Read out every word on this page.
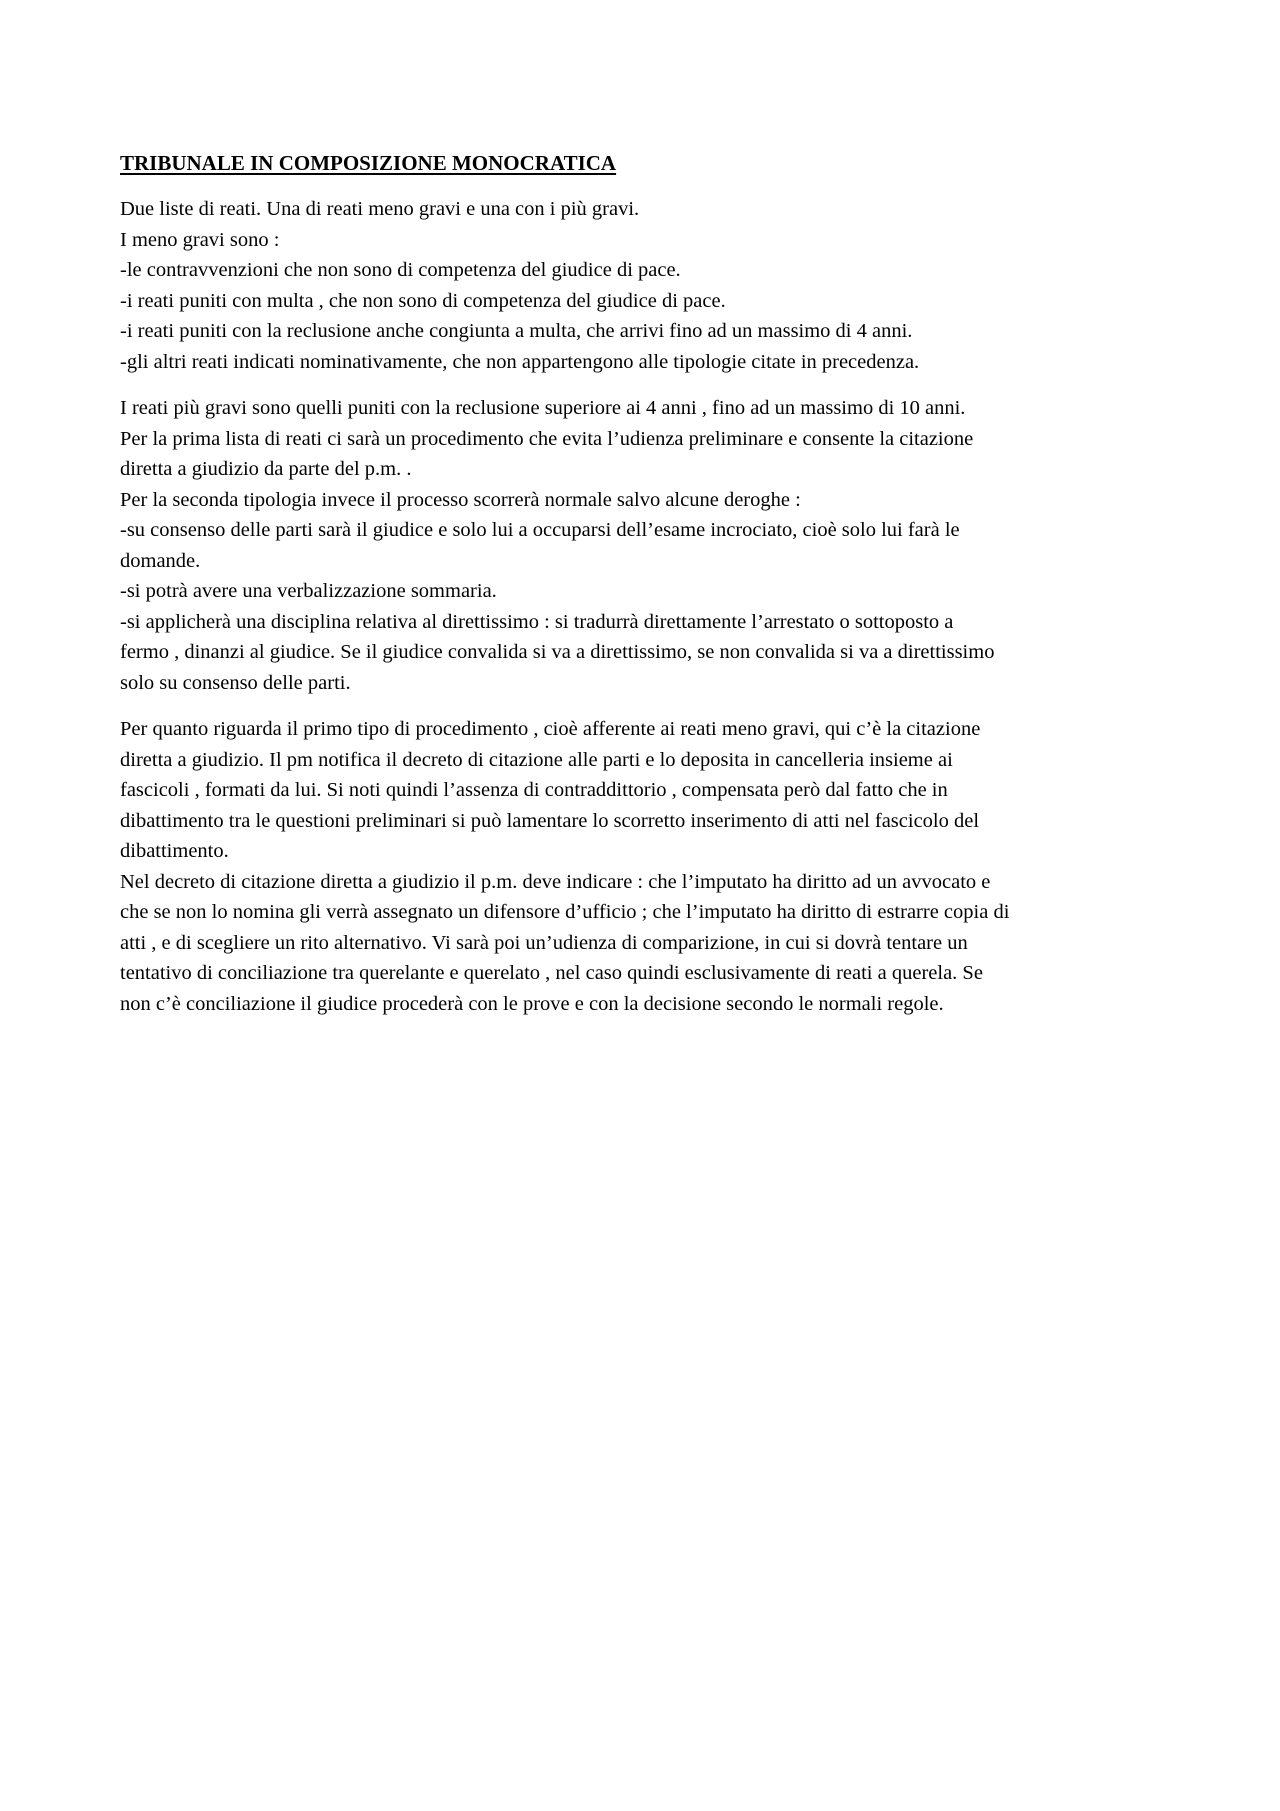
TRIBUNALE IN COMPOSIZIONE MONOCRATICA
Due liste di reati. Una di reati meno gravi e una con i più gravi.
I meno gravi sono :
-le contravvenzioni che non sono di competenza del giudice di pace.
-i reati puniti con multa , che non sono di competenza del giudice di pace.
-i reati puniti con la reclusione anche congiunta a multa, che arrivi fino ad un massimo di 4 anni.
-gli altri reati indicati nominativamente, che non appartengono alle tipologie citate in precedenza.
I reati più gravi sono quelli puniti con la reclusione superiore ai 4 anni , fino ad un massimo di 10 anni.
Per la prima lista di reati ci sarà un procedimento che evita l’udienza preliminare e consente la citazione
diretta a giudizio da parte del p.m. .
Per la seconda tipologia invece il processo scorrerà normale salvo alcune deroghe :
-su consenso delle parti sarà il giudice e solo lui a occuparsi dell’esame incrociato, cioè solo lui farà le
domande.
-si potrà avere una verbalizzazione sommaria.
-si applicherà una disciplina relativa al direttissimo : si tradurrà direttamente l’arrestato o sottoposto a
fermo , dinanzi al giudice. Se il giudice convalida si va a direttissimo, se non convalida si va a direttissimo
solo su consenso delle parti.
Per quanto riguarda il primo tipo di procedimento , cioè afferente ai reati meno gravi, qui c’è la citazione
diretta a giudizio. Il pm notifica il decreto di citazione alle parti e lo deposita in cancelleria insieme ai
fascicoli , formati da lui. Si noti quindi l’assenza di contraddittorio , compensata però dal fatto che in
dibattimento tra le questioni preliminari si può lamentare lo scorretto inserimento di atti nel fascicolo del
dibattimento.
Nel decreto di citazione diretta a giudizio il p.m. deve indicare : che l’imputato ha diritto ad un avvocato e
che se non lo nomina gli verrà assegnato un difensore d’ufficio ; che l’imputato ha diritto di estrarre copia di
atti , e di scegliere un rito alternativo. Vi sarà poi un’udienza di comparizione, in cui si dovrà tentare un
tentativo di conciliazione tra querelante e querelato , nel caso quindi esclusivamente di reati a querela. Se
non c’è conciliazione il giudice procederà con le prove e con la decisione secondo le normali regole.
